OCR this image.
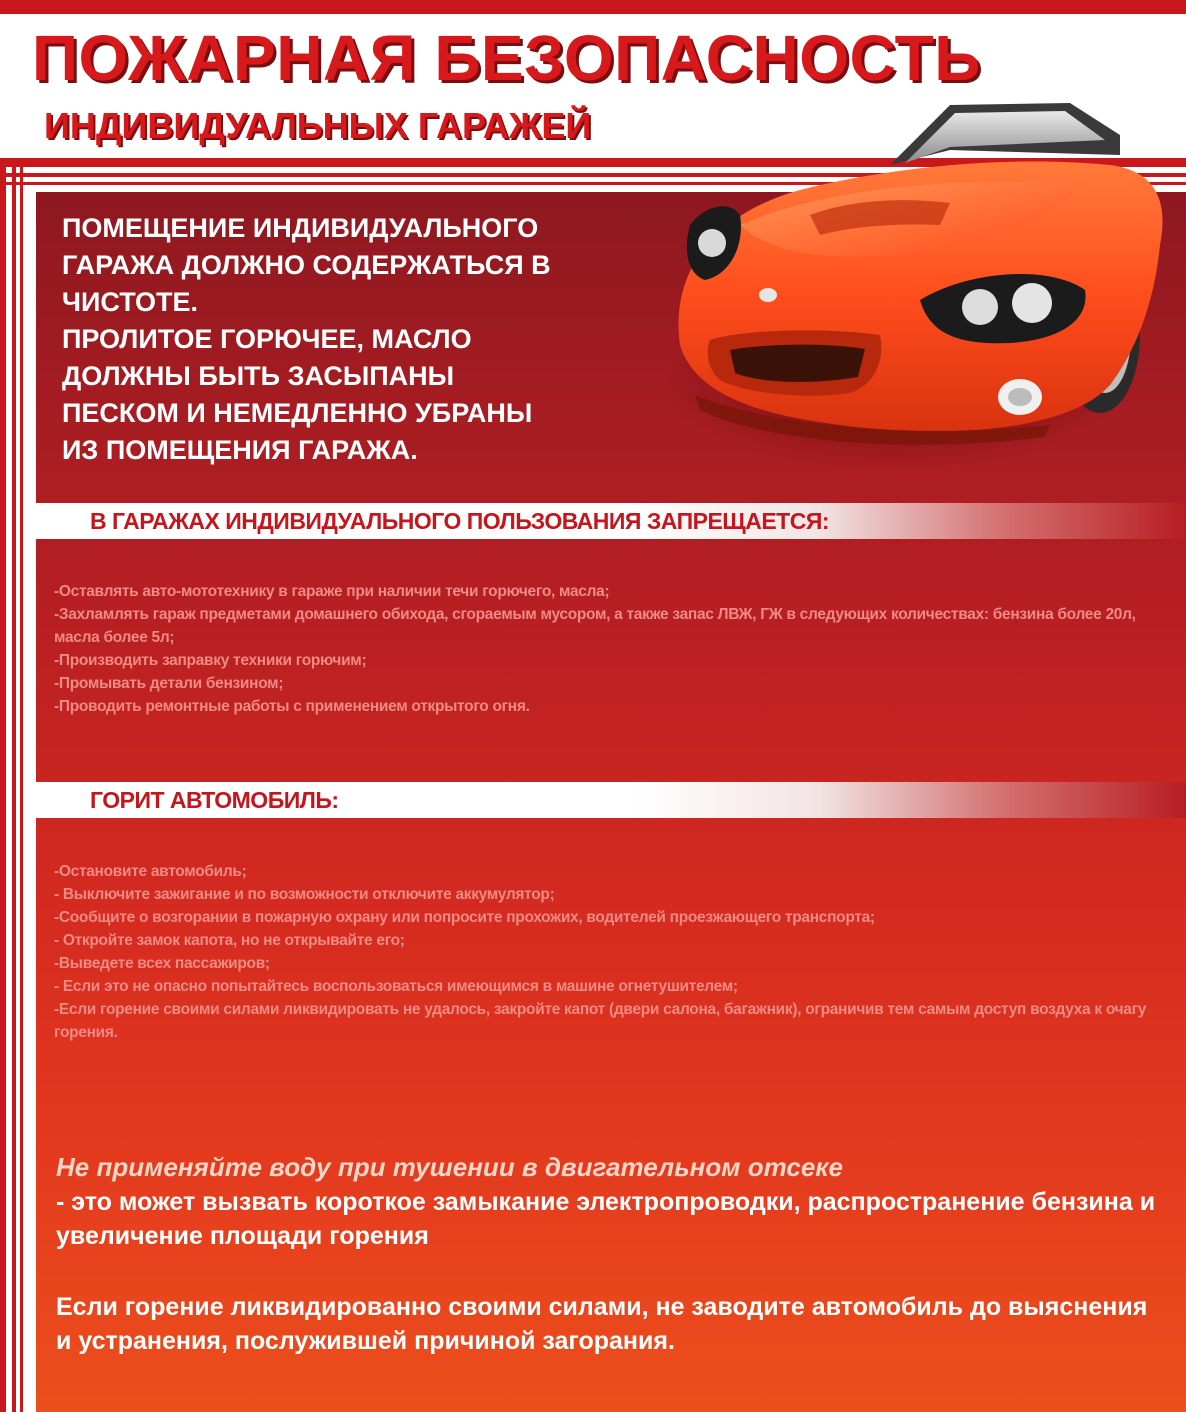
ПОЖАРНАЯ БЕЗОПАСНОСТЬ
ИНДИВИДУАЛЬНЫХ ГАРАЖЕЙ

ПОМЕЩЕНИЕ ИНДИВИДУАЛЬНОГО
ГАРАЖА ДОЛЖНО СОДЕРЖАТЬСЯ В
ЧИСТОТЕ.
ПРОЛИТОЕ ГОРЮЧЕЕ, МАСЛО
ДОЛЖНЫ БЫТЬ ЗАСЫПАНЫ
ПЕСКОМ И НЕМЕДЛЕННО УБРАНЫ
ИЗ ПОМЕЩЕНИЯ ГАРАЖА.

В ГАРАЖАХ ИНДИВИДУАЛЬНОГО ПОЛЬЗОВАНИЯ ЗАПРЕЩАЕТСЯ:
-Оставлять авто-мототехнику в гараже при наличии течи горючего, масла;
-Захламлять гараж предметами домашнего обихода, сгораемым мусором, а также запас ЛВЖ, ГЖ в следующих количествах: бензина более 20л, масла более 5л;
-Производить заправку техники горючим;
-Промывать детали бензином;
-Проводить ремонтные работы с применением открытого огня.
ГОРИТ АВТОМОБИЛЬ:
-Остановите автомобиль;
- Выключите зажигание и по возможности отключите аккумулятор;
-Сообщите о возгорании в пожарную охрану или попросите прохожих, водителей проезжающего транспорта;
- Откройте замок капота, но не открывайте его;
-Выведете всех пассажиров;
- Если это не опасно попытайтесь воспользоваться имеющимся в машине огнетушителем;
-Если горение своими силами ликвидировать не удалось, закройте капот (двери салона, багажник), ограничив тем самым доступ воздуха к очагу горения.

Не применяйте воду при тушении в двигательном отсеке
- это может вызвать короткое замыкание электропроводки, распространение бензина и увеличение площади горения

Если горение ликвидированно своими силами, не заводите автомобиль до выяснения и устранения, послужившей причиной загорания.
